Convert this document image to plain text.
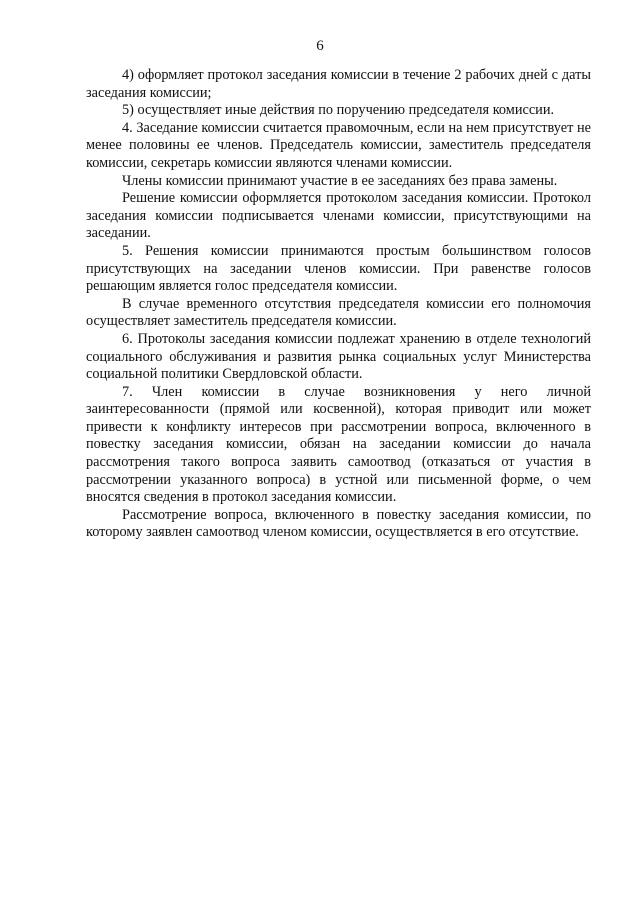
6

4) оформляет протокол заседания комиссии в течение 2 рабочих дней с даты заседания комиссии;

5) осуществляет иные действия по поручению председателя комиссии.

4. Заседание комиссии считается правомочным, если на нем присутствует не менее половины ее членов. Председатель комиссии, заместитель председателя комиссии, секретарь комиссии являются членами комиссии.

Члены комиссии принимают участие в ее заседаниях без права замены.

Решение комиссии оформляется протоколом заседания комиссии. Протокол заседания комиссии подписывается членами комиссии, присутствующими на заседании.

5. Решения комиссии принимаются простым большинством голосов присутствующих на заседании членов комиссии. При равенстве голосов решающим является голос председателя комиссии.

В случае временного отсутствия председателя комиссии его полномочия осуществляет заместитель председателя комиссии.

6. Протоколы заседания комиссии подлежат хранению в отделе технологий социального обслуживания и развития рынка социальных услуг Министерства социальной политики Свердловской области.

7. Член комиссии в случае возникновения у него личной заинтересованности (прямой или косвенной), которая приводит или может привести к конфликту интересов при рассмотрении вопроса, включенного в повестку заседания комиссии, обязан на заседании комиссии до начала рассмотрения такого вопроса заявить самоотвод (отказаться от участия в рассмотрении указанного вопроса) в устной или письменной форме, о чем вносятся сведения в протокол заседания комиссии.

Рассмотрение вопроса, включенного в повестку заседания комиссии, по которому заявлен самоотвод членом комиссии, осуществляется в его отсутствие.
